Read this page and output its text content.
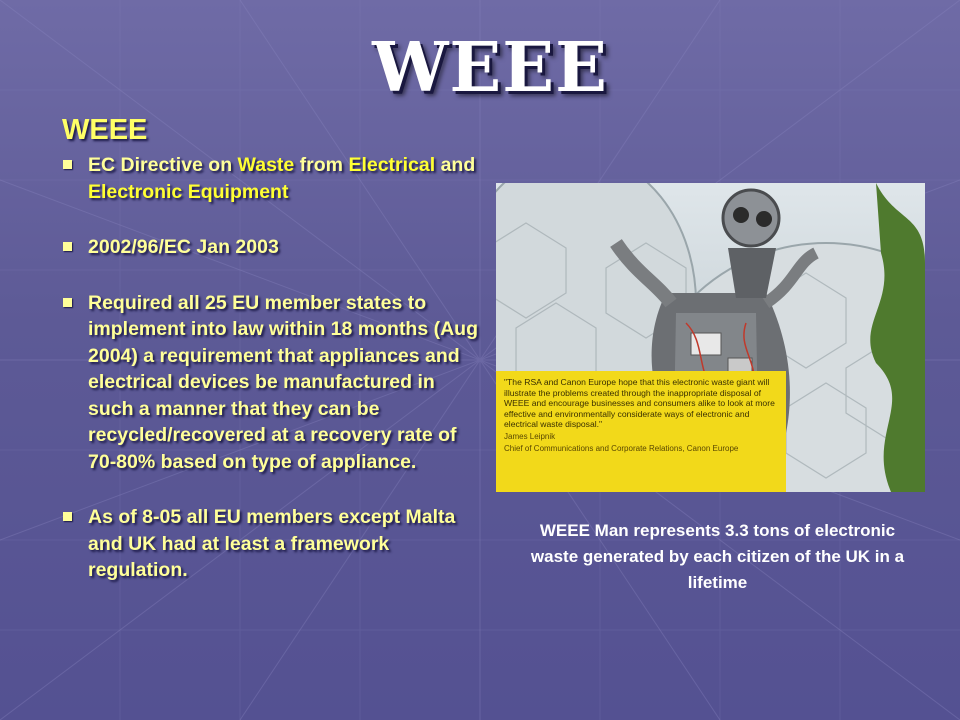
WEEE
WEEE
EC Directive on Waste from Electrical and Electronic Equipment
2002/96/EC Jan 2003
Required all 25 EU member states to implement into law within 18 months (Aug 2004) a requirement that appliances and electrical devices be manufactured in such a manner that they can be recycled/recovered at a recovery rate of 70-80% based on type of appliance.
As of 8-05 all EU members except Malta and UK had at least a framework regulation.
"The RSA and Canon Europe hope that this electronic waste giant will illustrate the problems created through the inappropriate disposal of WEEE and encourage businesses and consumers alike to look at more effective and environmentally considerate ways of electronic and electrical waste disposal."
James Leipnik
Chief of Communications and Corporate Relations, Canon Europe
WEEE Man represents 3.3 tons of electronic waste generated by each citizen of the UK in a lifetime
